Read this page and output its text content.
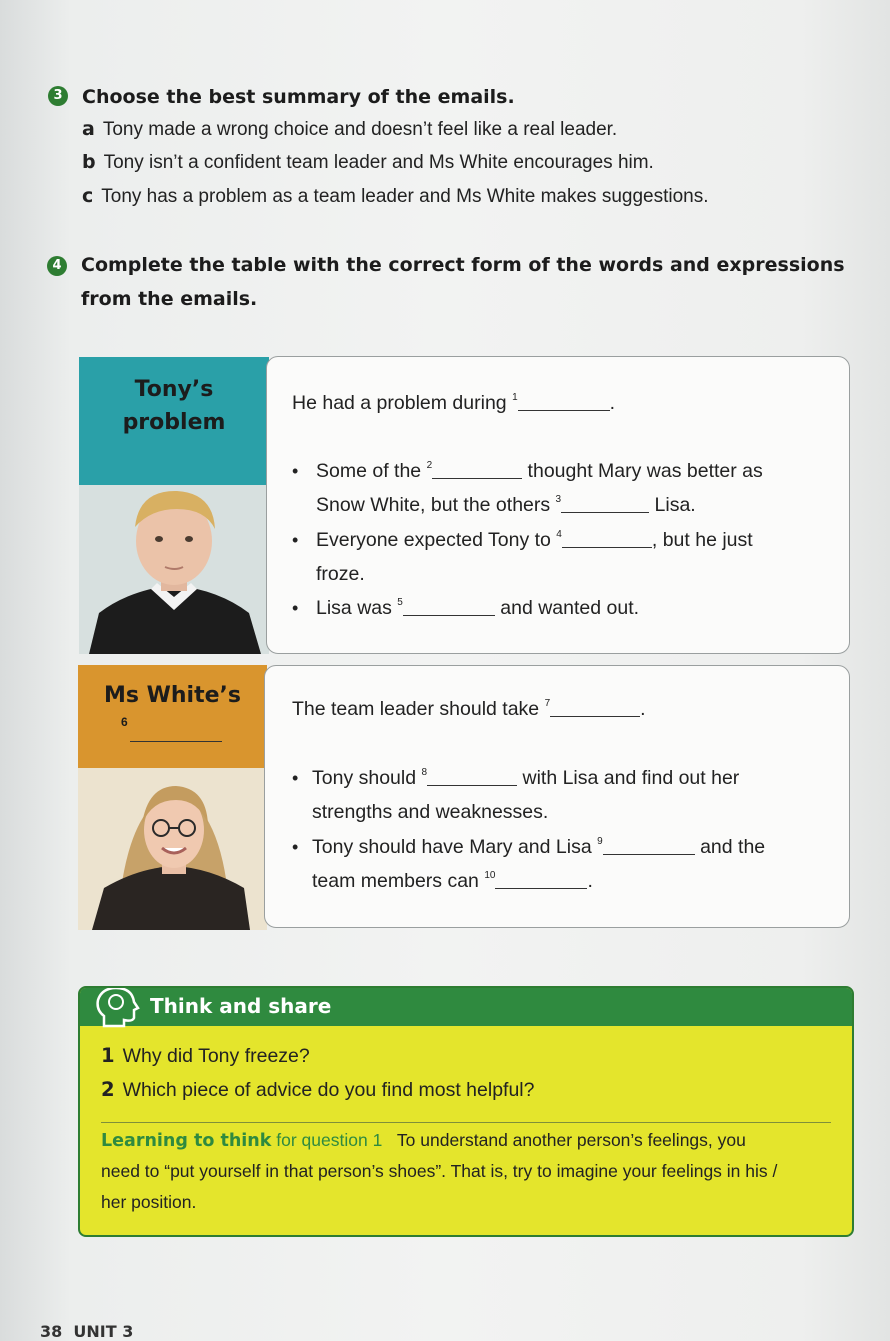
3 Choose the best summary of the emails.
a Tony made a wrong choice and doesn’t feel like a real leader.
b Tony isn’t a confident team leader and Ms White encourages him.
c Tony has a problem as a team leader and Ms White makes suggestions.
4 Complete the table with the correct form of the words and expressions
from the emails.
Tony’s
problem
He had a problem during $^1$	.
• Some of the $^2$	thought Mary was better as
Snow White, but the others $^3$	Lisa.
• Everyone expected Tony to $^4$	, but he just
froze.
• Lisa was $^5$	and wanted out.
Ms White’s
6
The team leader should take $^7$	.
• Tony should $^8$	with Lisa and find out her
strengths and weaknesses.
• Tony should have Mary and Lisa $^9$	and the
team members can $^{10}$	.
Think and share
1 Why did Tony freeze?
2 Which piece of advice do you find most helpful?
Learning to think for question 1 To understand another person’s feelings, you
need to “put yourself in that person’s shoes”. That is, try to imagine your feelings in his /
her position.
38 UNIT 3
